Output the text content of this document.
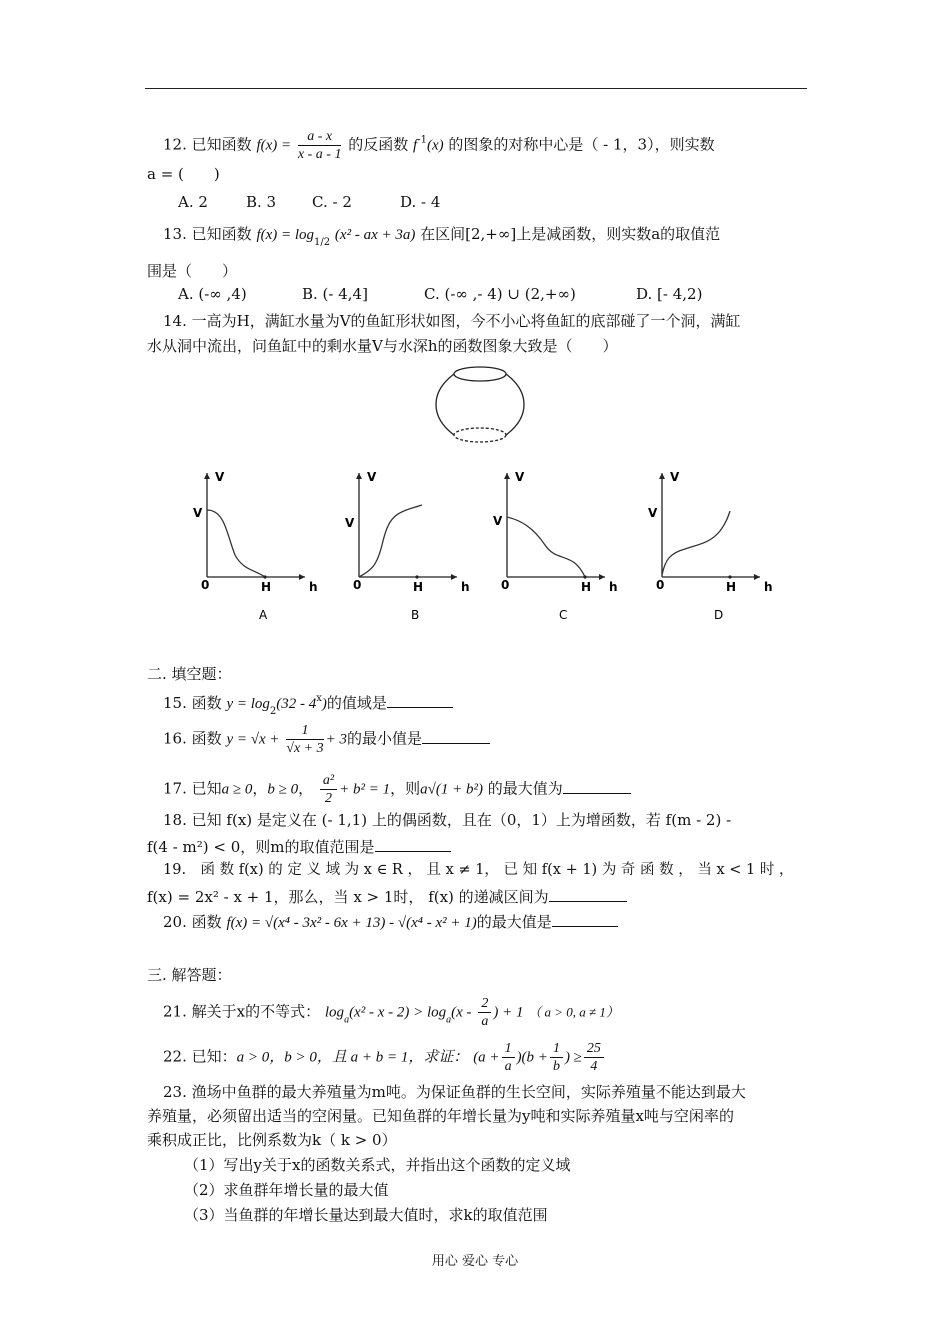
12. 已知函数 $f(x) = \frac{a - x}{x - a - 1}$ 的反函数 $f^{-1}(x)$ 的图象的对称中心是（ - 1，3），则实数
a = (　　)
A. 2	B. 3 C. - 2	D. - 4
13. 已知函数 $f(x) = \log_{1/2} (x^2$ - ax + 3a) 在区间[2,+∞]上是减函数，则实数a的取值范
围是（　　）
A. (-∞ ,4)	B. (- 4,4]	C. (-∞ ,- 4) ∪ (2,+∞)	D. [- 4,2)
14. 一高为H，满缸水量为V的鱼缸形状如图，今不小心将鱼缸的底部碰了一个洞，满缸
水从洞中流出，问鱼缸中的剩水量V与水深h的函数图象大致是（　　）
V
V
0	H	h
A
V
V
0	H	h
B
V
V
0	H h
C
V
V
0	H h
D
二. 填空题：
15. 函数 $y = \log_2(32 - 4^x)$的值域是
16. 函数 $y = √x + \frac{1}{√x + 3} + 3$的最小值是
17. 已知a ≥ 0，b ≥ 0， $\frac{\text{a²}}{2} + b^2 = 1$，则a√(1 + b²) 的最大值为
18. 已知 f(x) 是定义在 (- 1,1) 上的偶函数，且在（0，1）上为增函数，若 f(m - 2) -
f(4 - m²) < 0，则m的取值范围是
19.　函 数 f(x) 的 定 义 域 为 x ∈ R ， 且 x ≠ 1， 已 知 f(x + 1) 为 奇 函 数 ， 当 x < 1 时 ，
f(x) = 2x² - x + 1，那么，当 x > 1时， f(x) 的递减区间为
20. 函数 f(x) = √(x⁴ - 3x² - 6x + 13) - √(x⁴ - x² + 1)的最大值是
三. 解答题：
21. 解关于x的不等式： $\log_a(x^2 - x - 2) > \log_a(x - \frac{2}{a}$ ) + 1 （ a > 0, a ≠ 1）
22. 已知：a > 0，b > 0，且 a + b = 1，求证： $(a + \frac{1}{a} )(b + \frac{1}{b}$ ) ≥ $\frac{25}{4}$
23. 渔场中鱼群的最大养殖量为m吨。为保证鱼群的生长空间，实际养殖量不能达到最大
养殖量，必须留出适当的空闲量。已知鱼群的年增长量为y吨和实际养殖量x吨与空闲率的
乘积成正比，比例系数为k（ k > 0）
（1）写出y关于x的函数关系式，并指出这个函数的定义域
（2）求鱼群年增长量的最大值
（3）当鱼群的年增长量达到最大值时，求k的取值范围
用心 爱心 专心
